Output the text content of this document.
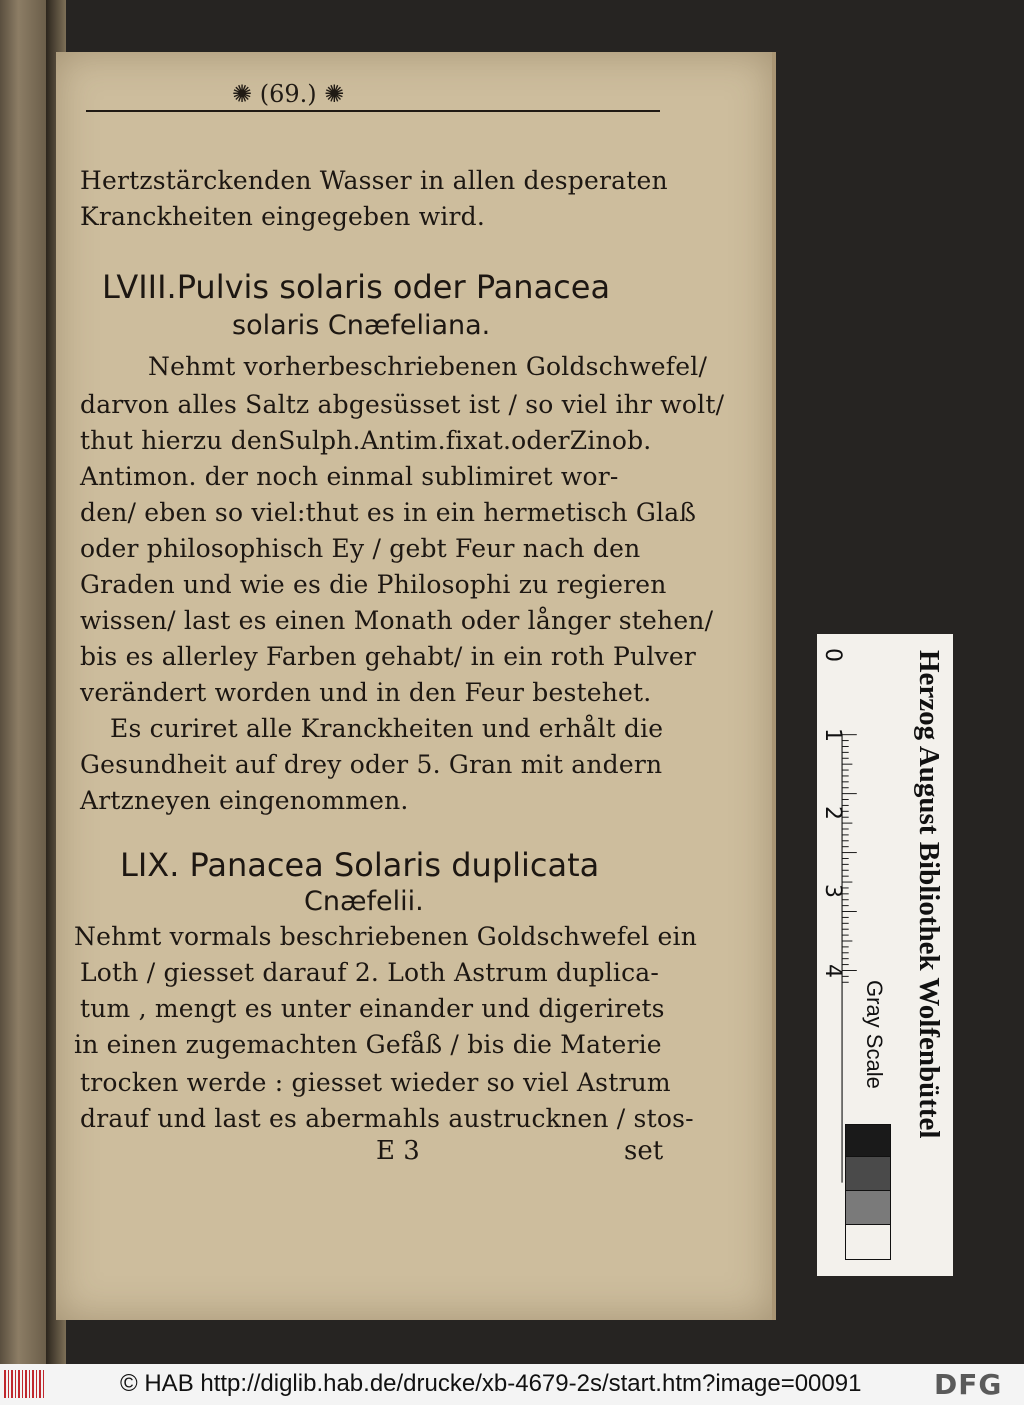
✺ (69.) ✺
Hertzstärckenden Wasser in allen desperaten
Kranckheiten eingegeben wird.
LVIII.Pulvis solaris oder Panacea
solaris Cnæfeliana.
Nehmt vorherbeschriebenen Goldschwefel/
darvon alles Saltz abgesüsset ist / so viel ihr wolt/
thut hierzu denSulph.Antim.fixat.oderZinob.
Antimon. der noch einmal sublimiret wor-
den/ eben so viel:thut es in ein hermetisch Glaß
oder philosophisch Ey / gebt Feur nach den
Graden und wie es die Philosophi zu regieren
wissen/ last es einen Monath oder långer stehen/
bis es allerley Farben gehabt/ in ein roth Pulver
verändert worden und in den Feur bestehet.
Es curiret alle Kranckheiten und erhålt die
Gesundheit auf drey oder 5. Gran mit andern
Artzneyen eingenommen.
LIX. Panacea Solaris duplicata
Cnæfelii.
Nehmt vormals beschriebenen Goldschwefel ein
Loth / giesset darauf 2. Loth Astrum duplica-
tum , mengt es unter einander und digerirets
in einen zugemachten Gefåß / bis die Materie
trocken werde : giesset wieder so viel Astrum
drauf und last es abermahls austrucknen / stos-
E 3	set
0
1
2
3
4 Herzog August Bibliothek Wolfenbüttel
Gray Scale
© HAB http://diglib.hab.de/drucke/xb-4679-2s/start.htm?image=00091	DFG
